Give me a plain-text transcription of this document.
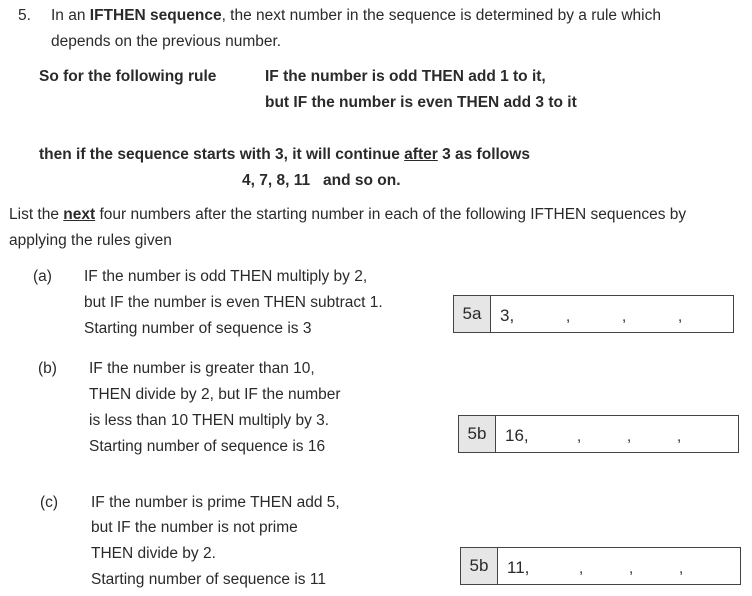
5. In an IFTHEN sequence, the next number in the sequence is determined by a rule which
depends on the previous number.
So for the following rule	IF the number is odd THEN add 1 to it,
but IF the number is even THEN add 3 to it
then if the sequence starts with 3, it will continue after 3 as follows
4, 7, 8, 11   and so on.
List the next four numbers after the starting number in each of the following IFTHEN sequences by
applying the rules given
(a) IF the number is odd THEN multiply by 2,
but IF the number is even THEN subtract 1.
Starting number of sequence is 3
5a	3,	,	,	,
(b) IF the number is greater than 10,
THEN divide by 2, but IF the number
is less than 10 THEN multiply by 3.
Starting number of sequence is 16
5b	16,	,	,	,
(c) IF the number is prime THEN add 5,
but IF the number is not prime
THEN divide by 2.
Starting number of sequence is 11
5b	11,	,	,	,
